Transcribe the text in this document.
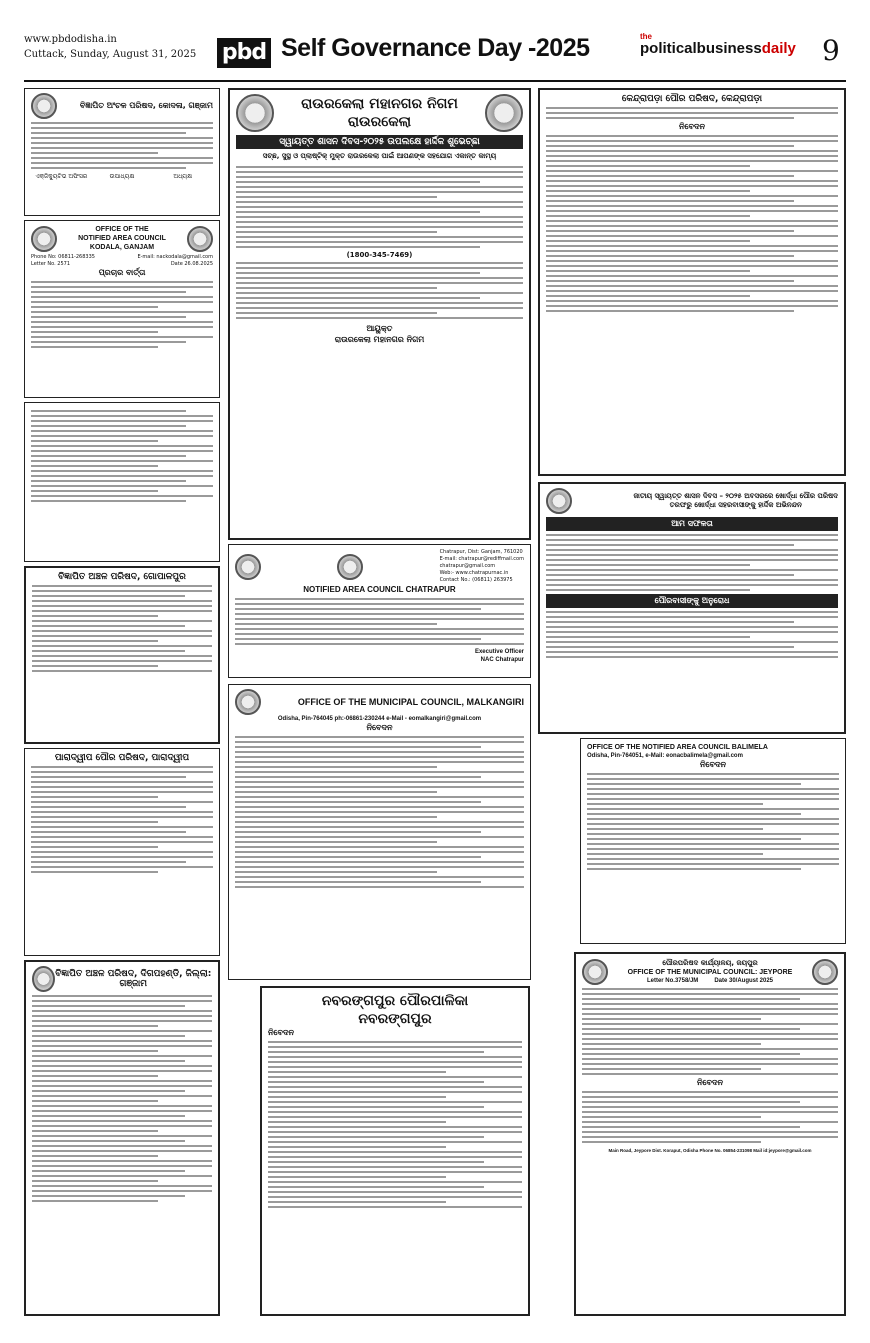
www.pbdodisha.in
Cuttack, Sunday, August 31, 2025 pbd Self Governance Day -2025	the
politicalbusinessdaily 9
ବିଜ୍ଞାପିତ ଅଂଚଳ ପରିଷଦ, କୋଦଳା, ଗଞ୍ଜାମ
ଏକ୍ଜିକ୍ୟୁଟିଭ ଅଫିସର	ଉପାଧ୍ୟକ୍ଷ	ଅଧ୍ୟକ୍ଷ
OFFICE OF THE
NOTIFIED AREA COUNCIL
KODALA, GANJAM
Phone No: 06811-268335	E-mail: nackodala@gmail.com
Letter No. 2571	Date 26.08.2025
ପ୍ରଚାର ବାର୍ତ୍ତା
ବିଜ୍ଞାପିତ ଅଞ୍ଚଳ ପରିଷଦ, ଗୋପାଳପୁର
ପାରାଦ୍ୱୀପ ପୌର ପରିଷଦ, ପାରାଦ୍ୱୀପ
ବିଜ୍ଞାପିତ ଅଞ୍ଚଳ ପରିଷଦ, ଦିଗପହଣ୍ଡି, ଜିଲ୍ଲା: ଗଞ୍ଜାମ
ରାଉରକେଲା ମହାନଗର ନିଗମ
ରାଉରକେଲା
ସ୍ୱାୟତ୍ତ ଶାସନ ଦିବସ-୨୦୨୫ ଉପଲକ୍ଷେ ହାର୍ଦ୍ଦିକ ଶୁଭେଚ୍ଛା
ସଚ୍ଛ, ସୁସ୍ଥ ଓ ପ୍ଲାଷ୍ଟିକ୍ ମୁକ୍ତ ରାଉରକେଲା ପାଇଁ ଆପଣଙ୍କ ସହଯୋଗ ଏକାନ୍ତ କାମ୍ୟ
(1800-345-7469)
ଆୟୁକ୍ତ
ରାଉରକେଲା ମହାନଗର ନିଗମ
Chatrapur, Dist: Ganjam, 761020
E-mail: chatrapur@rediffmail.com
chatrapur@gmail.com
Web:- www.chatrapurnac.in
Contact No.: (06811) 263975
NOTIFIED AREA COUNCIL CHATRAPUR
Executive Officer
NAC Chatrapur
OFFICE OF THE MUNICIPAL COUNCIL, MALKANGIRI
Odisha, Pin-764045 ph:-06861-230244 e-Mail - eomalkangiri@gmail.com
ନିବେଦନ
ନବରଙ୍ଗପୁର ପୌରପାଳିକା
ନବରଙ୍ଗପୁର
ନିବେଦନ
କେନ୍ଦ୍ରାପଡ଼ା ପୌର ପରିଷଦ, କେନ୍ଦ୍ରାପଡ଼ା
ନିବେଦନ
ଜାତୀୟ ସ୍ୱାୟତ୍ତ ଶାସନ ଦିବସ – ୨୦୨୫ ଅବସରରେ ଖୋର୍ଦ୍ଧା ପୌର ପରିଷଦ
ତରଫରୁ ଖୋର୍ଦ୍ଧା ସହରବାସୀଙ୍କୁ ହାର୍ଦ୍ଦିକ ଅଭିନନ୍ଦନ
ଆମ ସଫଳତା
ପୌରବାସୀଙ୍କୁ ଅନୁରୋଧ
OFFICE OF THE NOTIFIED AREA COUNCIL BALIMELA
Odisha, Pin-764051, e-Mail: eonacbalimela@gmail.com
ନିବେଦନ
ପୌରପରିଷଦ କାର୍ଯ୍ୟାଳୟ, ଜୟପୁର
OFFICE OF THE MUNICIPAL COUNCIL: JEYPORE
Letter No.3758/JM	Date 30/August 2025
ନିବେଦନ
Main Road, Jeypore Dist. Koraput, Odisha Phone No. 06854-231098 Mail id:jeypore@gmail.com
